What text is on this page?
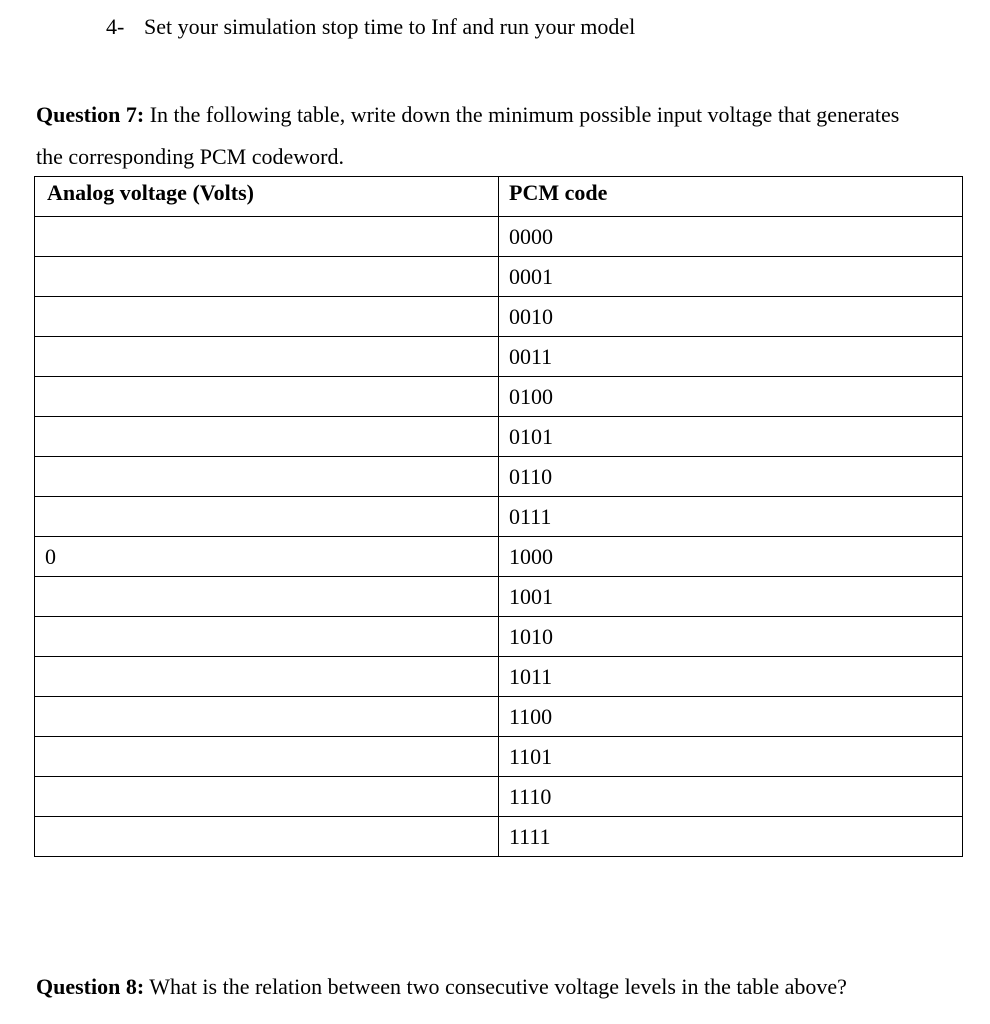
4- Set your simulation stop time to Inf and run your model
Question 7: In the following table, write down the minimum possible input voltage that generates
the corresponding PCM codeword.
Analog voltage (Volts)	PCM code
	0000
	0001
	0010
	0011
	0100
	0101
	0110
	0111
0	1000
	1001
	1010
	1011
	1100
	1101
	1110
	1111
Question 8: What is the relation between two consecutive voltage levels in the table above?
